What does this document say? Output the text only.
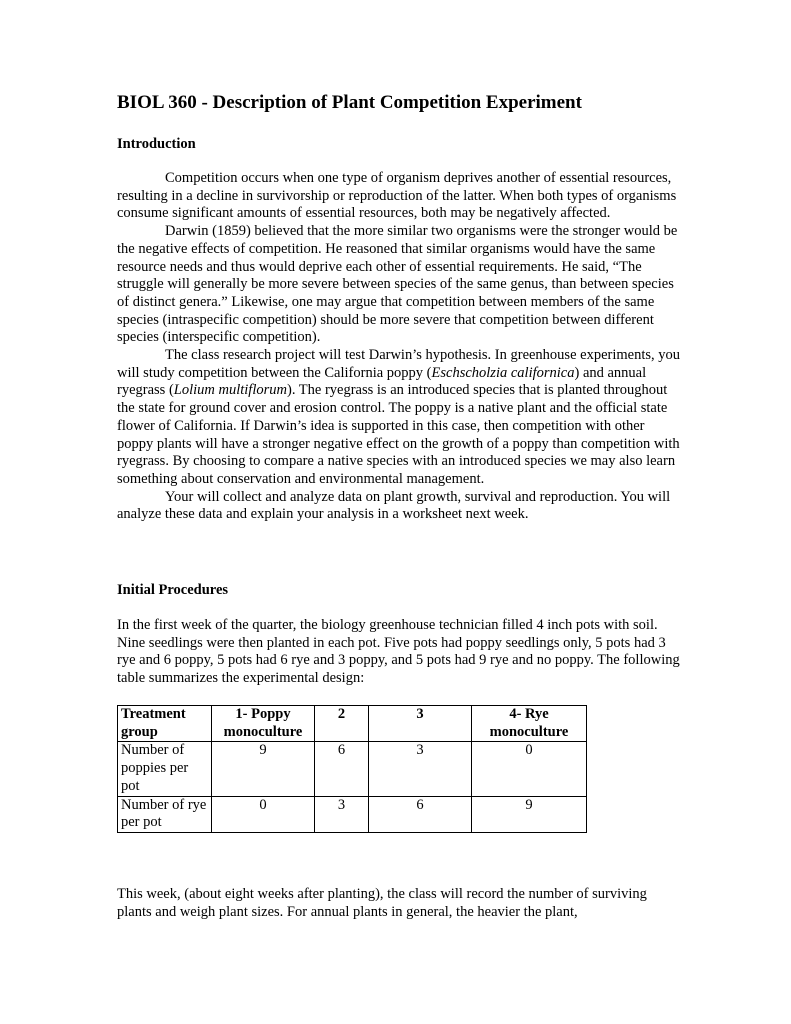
BIOL 360 - Description of Plant Competition Experiment
Introduction

Competition occurs when one type of organism deprives another of essential resources, resulting in a decline in survivorship or reproduction of the latter. When both types of organisms consume significant amounts of essential resources, both may be negatively affected.

Darwin (1859) believed that the more similar two organisms were the stronger would be the negative effects of competition. He reasoned that similar organisms would have the same resource needs and thus would deprive each other of essential requirements. He said, “The struggle will generally be more severe between species of the same genus, than between species of distinct genera.” Likewise, one may argue that competition between members of the same species (intraspecific competition) should be more severe that competition between different species (interspecific competition).

The class research project will test Darwin’s hypothesis. In greenhouse experiments, you will study competition between the California poppy (Eschscholzia californica) and annual ryegrass (Lolium multiflorum). The ryegrass is an introduced species that is planted throughout the state for ground cover and erosion control. The poppy is a native plant and the official state flower of California. If Darwin’s idea is supported in this case, then competition with other poppy plants will have a stronger negative effect on the growth of a poppy than competition with ryegrass. By choosing to compare a native species with an introduced species we may also learn something about conservation and environmental management.

Your will collect and analyze data on plant growth, survival and reproduction. You will analyze these data and explain your analysis in a worksheet next week.

Initial Procedures

In the first week of the quarter, the biology greenhouse technician filled 4 inch pots with soil. Nine seedlings were then planted in each pot. Five pots had poppy seedlings only, 5 pots had 3 rye and 6 poppy, 5 pots had 6 rye and 3 poppy, and 5 pots had 9 rye and no poppy. The following table summarizes the experimental design:

Treatment group	1- Poppy monoculture	2	3	4- Rye monoculture
Number of poppies per pot	9	6	3	0
Number of rye per pot	0	3	6	9

This week, (about eight weeks after planting), the class will record the number of surviving plants and weigh plant sizes. For annual plants in general, the heavier the plant,
